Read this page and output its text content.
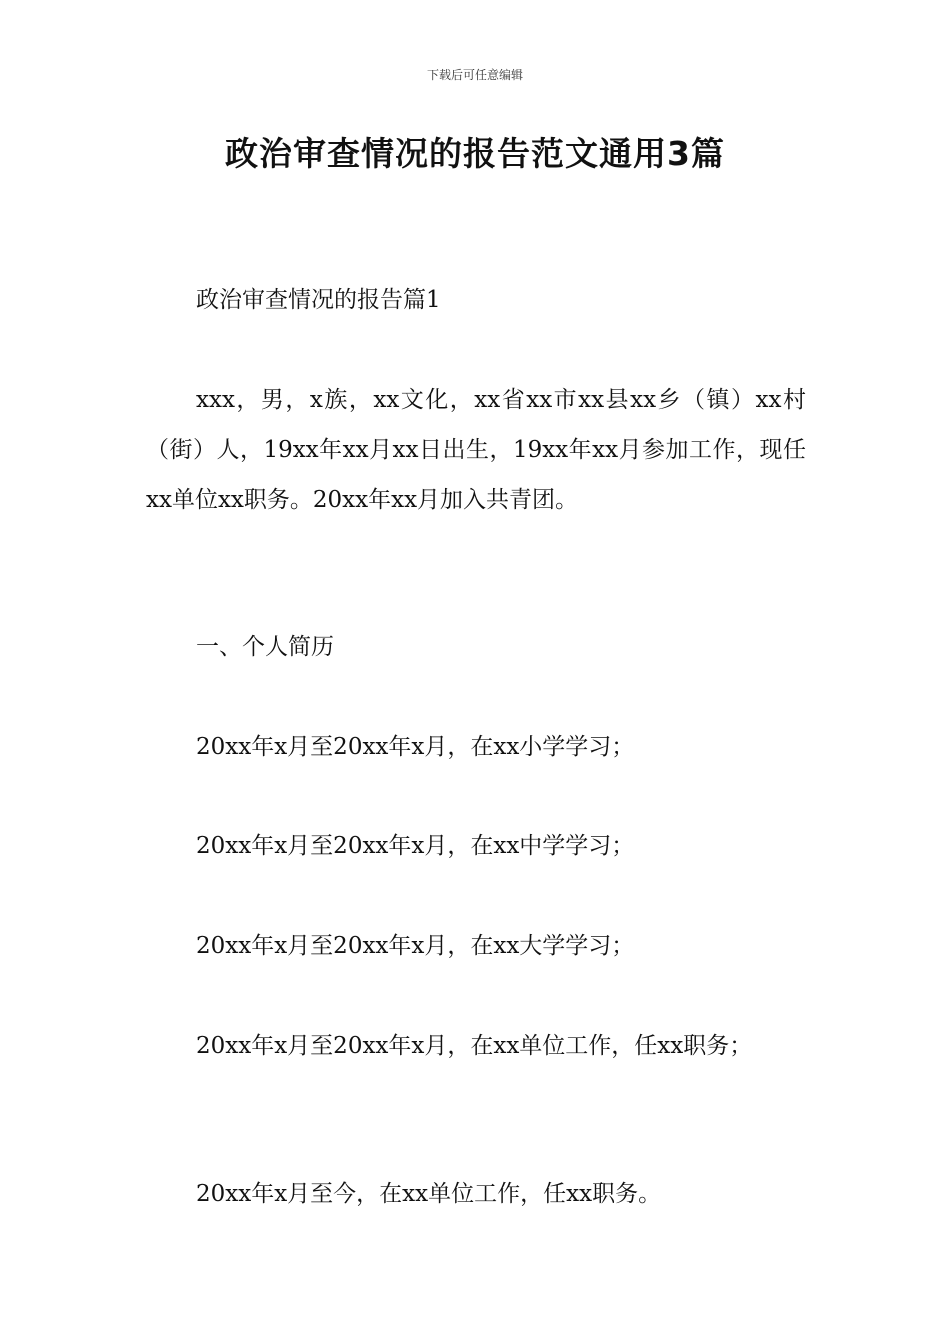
下载后可任意编辑
政治审查情况的报告范文通用3篇

政治审查情况的报告篇1

xxx，男，x族，xx文化，xx省xx市xx县xx乡（镇）xx村（街）人，19xx年xx月xx日出生，19xx年xx月参加工作，现任xx单位xx职务。20xx年xx月加入共青团。

一、个人简历

20xx年x月至20xx年x月，在xx小学学习；

20xx年x月至20xx年x月，在xx中学学习；

20xx年x月至20xx年x月，在xx大学学习；

20xx年x月至20xx年x月，在xx单位工作，任xx职务；

20xx年x月至今，在xx单位工作，任xx职务。
